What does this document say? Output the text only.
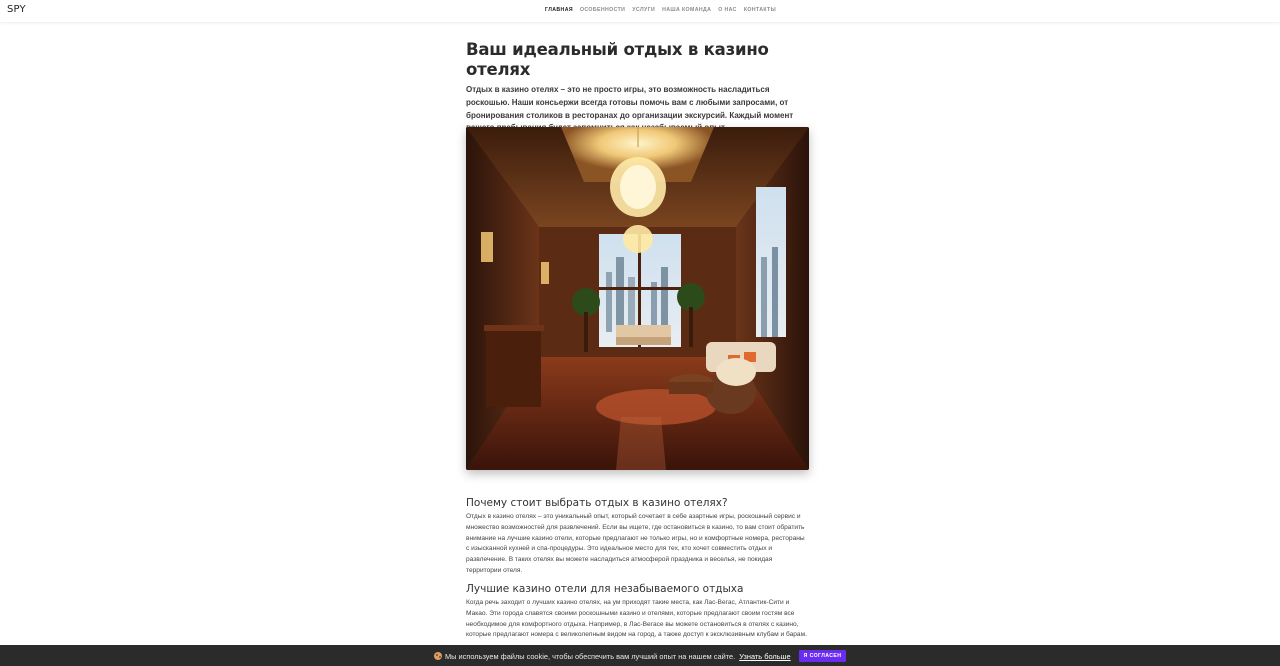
SPY	ГЛАВНАЯ ОСОБЕННОСТИ УСЛУГИ НАША КОМАНДА О НАС КОНТАКТЫ
Ваш идеальный отдых в казино отелях

Отдых в казино отелях – это не просто игры, это возможность насладиться роскошью. Наши консьержи всегда готовы помочь вам с любыми запросами, от бронирования столиков в ресторанах до организации экскурсий. Каждый момент

Почему стоит выбрать отдых в казино отелях?

Отдых в казино отелях – это уникальный опыт, который сочетает в себе азартные игры, роскошный сервис и множество возможностей для развлечений. Если вы ищете, где остановиться в казино, то вам стоит обратить внимание на лучшие казино отели, которые предлагают не только игры, но и комфортные номера, рестораны с изысканной кухней и спа-процедуры. Это идеальное место для тех, кто хочет совместить отдых и развлечение. В таких отелях вы можете насладиться атмосферой праздника и веселья, не покидая территории отеля.

Лучшие казино отели для незабываемого отдыха

Когда речь заходит о лучших казино отелях, на ум приходят такие места, как Лас-Вегас, Атлантик-Сити и Макао. Эти города славятся своими роскошными казино и отелями, которые предлагают своим гостям все необходимое для комфортного отдыха. Например, в Лас-Вегасе вы можете остановиться в отелях с казино, которые предлагают номера с великолепным видом на город, а также доступ к эксклюзивным клубам и барам.

Мы используем файлы cookie, чтобы обеспечить вам лучший опыт на нашем сайте. Узнать больше	Я СОГЛАСЕН
